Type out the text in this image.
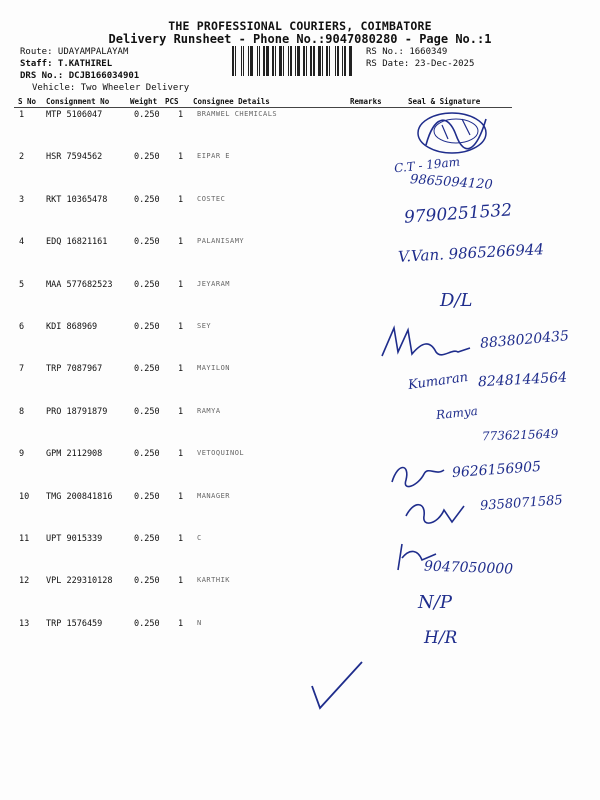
THE PROFESSIONAL COURIERS, COIMBATORE
Delivery Runsheet - Phone No.:9047080280 - Page No.:1
Route: UDAYAMPALAYAM
Staff: T.KATHIREL
DRS No.: DCJB166034901
Vehicle: Two Wheeler Delivery
RS No.: 1660349
RS Date: 23-Dec-2025
S No Consignment No	Weight PCS Consignee Details	Remarks	Seal & Signature
1	MTP 5106047	0.250 1 BRAMWEL CHEMICALS
2	HSR 7594562	0.250 1 EIPAR E
3	RKT 10365478	0.250 1 COSTEC
4	EDQ 16821161	0.250 1 PALANISAMY
5	MAA 577682523	0.250 1 JEYARAM
6	KDI 868969	0.250 1 SEY
7	TRP 7087967	0.250 1 MAYILON
8	PRO 18791879	0.250 1 RAMYA
9	GPM 2112908	0.250 1 VETOQUINOL
10 TMG 200841816	0.250 1 MANAGER
11 UPT 9015339	0.250 1 C
12 VPL 229310128	0.250 1 KARTHIK
13 TRP 1576459	0.250 1 N
C.T - 19am
9865094120
9790251532
V.Van. 9865266944
D/L
8838020435
Kumaran 8248144564
Ramya
7736215649
9626156905
9358071585
9047050000
N/P
H/R
